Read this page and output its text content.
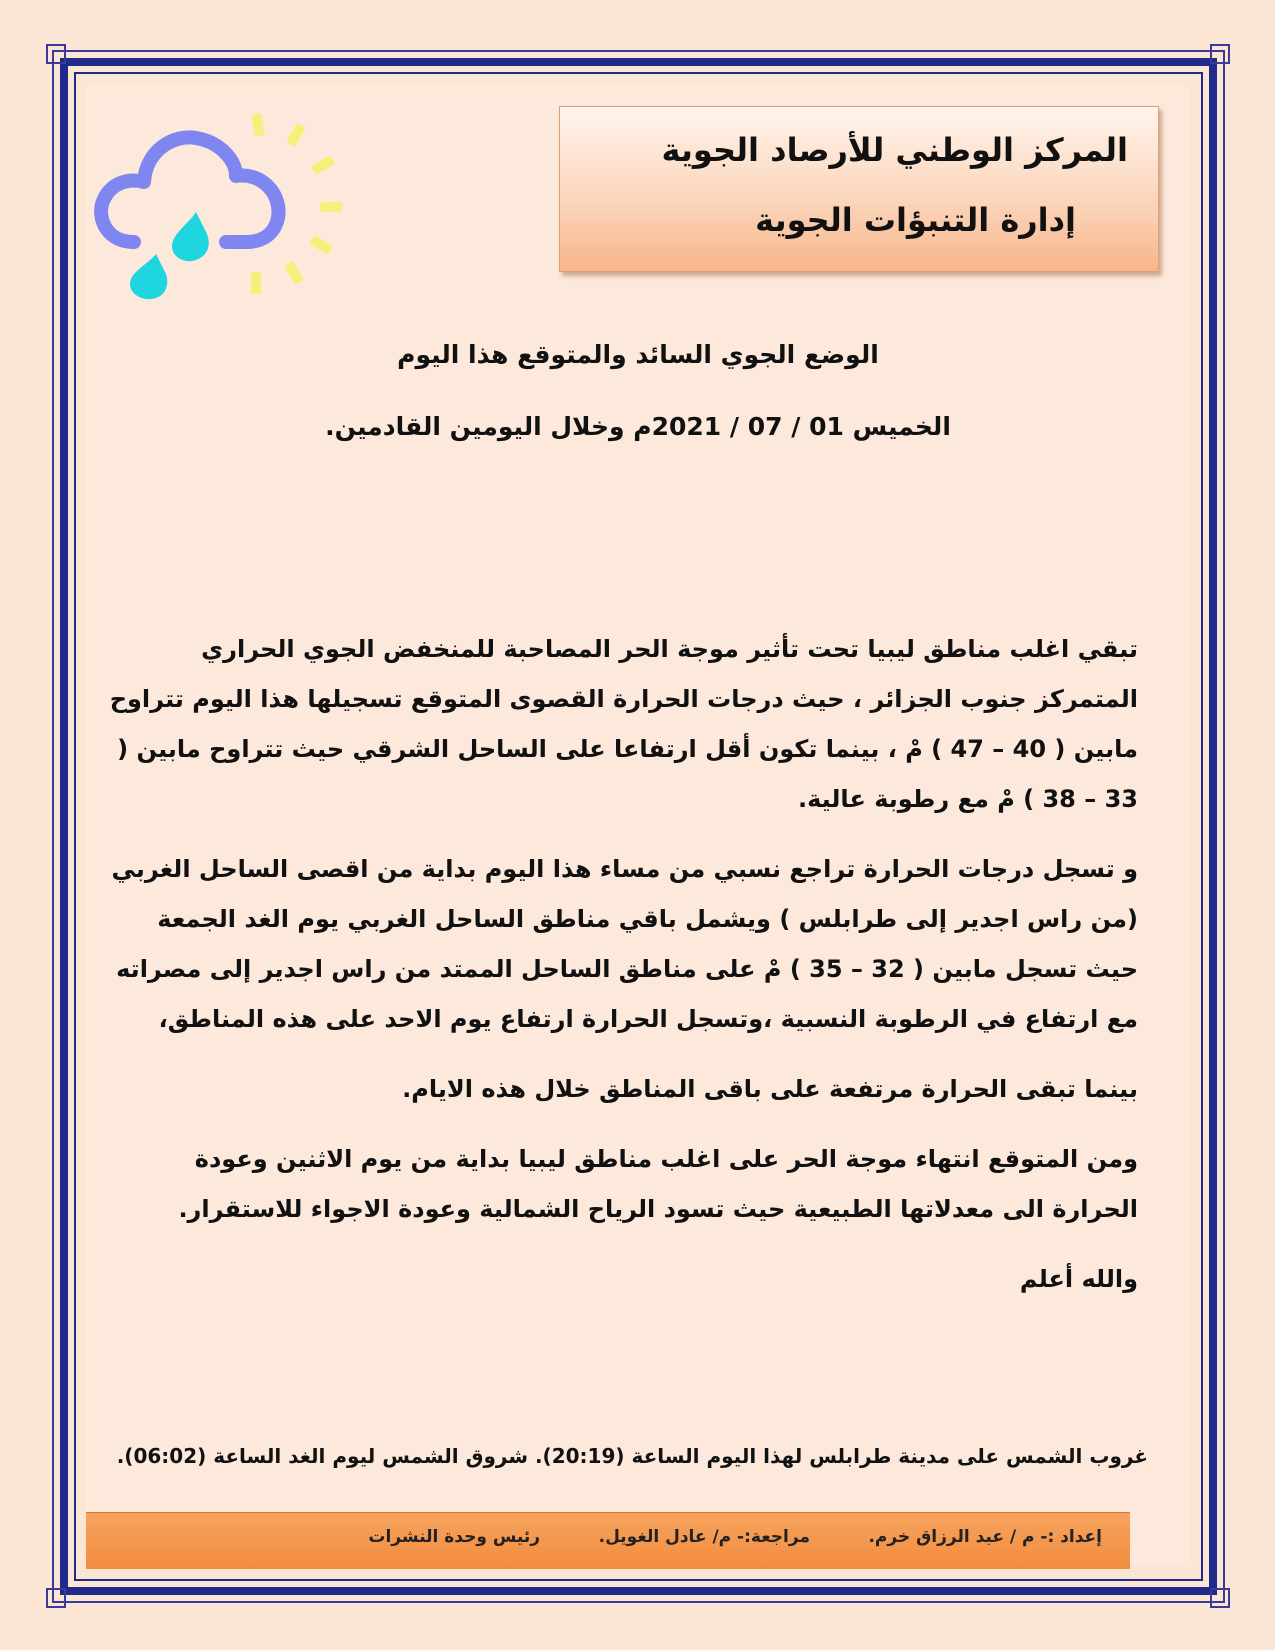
المركز الوطني للأرصاد الجوية
إدارة التنبؤات الجوية
الوضع الجوي السائد والمتوقع هذا اليوم
الخميس 01 / 07 / 2021م وخلال اليومين القادمين.

تبقي اغلب مناطق ليبيا تحت تأثير موجة الحر المصاحبة للمنخفض الجوي الحراري المتمركز جنوب الجزائر ، حيث درجات الحرارة القصوى المتوقع تسجيلها هذا اليوم تتراوح مابين ( 40 – 47 ) مْ ، بينما تكون أقل ارتفاعا على الساحل الشرقي حيث تتراوح مابين ( 33 – 38 ) مْ مع رطوبة عالية.

و تسجل درجات الحرارة تراجع نسبي من مساء هذا اليوم بداية من اقصى الساحل الغربي (من راس اجدير إلى طرابلس ) ويشمل باقي مناطق الساحل الغربي يوم الغد الجمعة حيث تسجل مابين ( 32 – 35 ) مْ على مناطق الساحل الممتد من راس اجدير إلى مصراته مع ارتفاع في الرطوبة النسبية ،وتسجل الحرارة ارتفاع يوم الاحد على هذه المناطق،

بينما تبقى الحرارة مرتفعة على باقى المناطق خلال هذه الايام.

ومن المتوقع انتهاء موجة الحر على اغلب مناطق ليبيا بداية من يوم الاثنين وعودة الحرارة الى معدلاتها الطبيعية حيث تسود الرياح الشمالية وعودة الاجواء للاستقرار.

والله أعلم

غروب الشمس على مدينة طرابلس لهذا اليوم الساعة (20:19). شروق الشمس ليوم الغد الساعة (06:02).
إعداد :- م / عبد الرزاق خرم.
مراجعة:- م/ عادل الغويل.
رئيس وحدة النشرات
